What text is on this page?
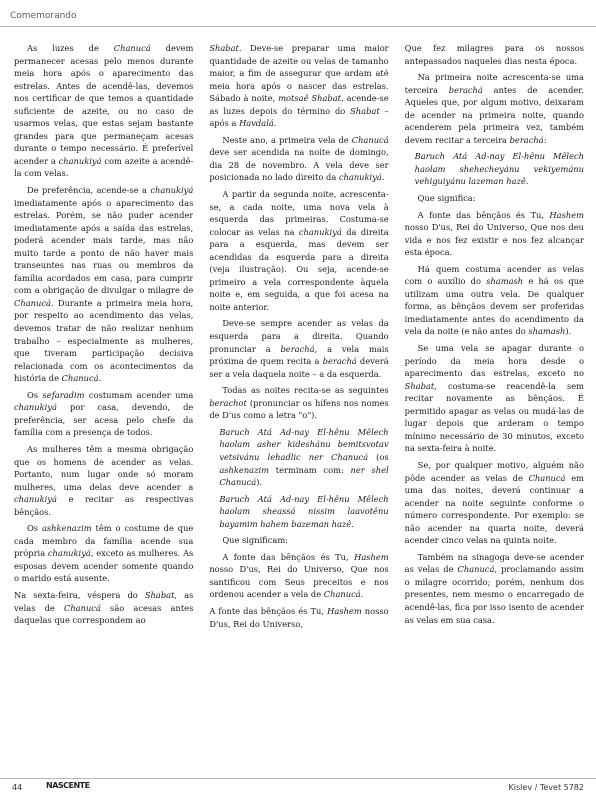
Comemorando

As luzes de Chanucá devem permanecer acesas pelo menos durante meia hora após o aparecimento das estrelas. Antes de acendê-las, devemos nos certificar de que temos a quantidade suficiente de azeite, ou no caso de usarmos velas, que estas sejam bastante grandes para que permaneçam acesas durante o tempo necessário. É preferível acender a chanukiyá com azeite a acendê-la com velas.

De preferência, acende-se a chanukiyá imediatamente após o aparecimento das estrelas. Porém, se não puder acender imediatamente após a saída das estrelas, poderá acender mais tarde, mas não muito tarde a ponto de não haver mais transeuntes nas ruas ou membros da família acordados em casa, para cumprir com a obrigação de divulgar o milagre de Chanucá. Durante a primeira meia hora, por respeito ao acendimento das velas, devemos tratar de não realizar nenhum trabalho – especialmente as mulheres, que tiveram participação decisiva relacionada com os acontecimentos da história de Chanucá.

Os sefaradim costumam acender uma chanukiyá por casa, devendo, de preferência, ser acesa pelo chefe da família com a presença de todos.

As mulheres têm a mesma obrigação que os homens de acender as velas. Portanto, num lugar onde só moram mulheres, uma delas deve acender a chanukiyá e recitar as respectivas bênçãos.

Os ashkenazim têm o costume de que cada membro da família acende sua própria chanukiyá, exceto as mulheres. As esposas devem acender somente quando o marido está ausente.

Na sexta-feira, véspera do Shabat, as velas de Chanucá são acesas antes daquelas que correspondem ao

Shabat. Deve-se preparar uma maior quantidade de azeite ou velas de tamanho maior, a fim de assegurar que ardam até meia hora após o nascer das estrelas. Sábado à noite, motsaê Shabat, acende-se as luzes depois do término do Shabat – após a Havdalá.

Neste ano, a primeira vela de Chanucá deve ser acendida na noite de domingo, dia 28 de novembro. A vela deve ser posicionada no lado direito da chanukiyá.

A partir da segunda noite, acrescenta-se, a cada noite, uma nova vela à esquerda das primeiras. Costuma-se colocar as velas na chanukiyá da direita para a esquerda, mas devem ser acendidas da esquerda para a direita (veja ilustração). Ou seja, acende-se primeiro a vela correspondente àquela noite e, em seguida, a que foi acesa na noite anterior.

Deve-se sempre acender as velas da esquerda para a direita. Quando pronunciar a berachá, a vela mais próxima de quem recita a berachá deverá ser a vela daquela noite – a da esquerda.

Todas as noites recita-se as seguintes berachot (pronunciar os hífens nos nomes de D'us como a letra "o").

Baruch Atá Ad-nay El-hênu Mêlech haolam asher kideshánu bemitsvotav vetsivánu lehadlic ner Chanucá (os ashkenazim terminam com: ner shel Chanucá).

Baruch Atá Ad-nay El-hênu Mêlech haolam sheassá nissim laavotênu bayamim hahem bazeman hazê.

Que significam:

A fonte das bênçãos és Tu, Hashem nosso D'us, Rei do Universo, Que nos santificou com Seus preceitos e nos ordenou acender a vela de Chanucá.

A fonte das bênçãos és Tu, Hashem nosso D'us, Rei do Universo,

Que fez milagres para os nossos antepassados naqueles dias nesta época.

Na primeira noite acrescenta-se uma terceira berachá antes de acender. Aqueles que, por algum motivo, deixaram de acender na primeira noite, quando acenderem pela primeira vez, também devem recitar a terceira berachá:

Baruch Atá Ad-nay El-hênu Mêlech haolam shehecheyánu vekiyemánu vehiguiyánu lazeman hazê.

Que significa:

A fonte das bênçãos és Tu, Hashem nosso D'us, Rei do Universo, Que nos deu vida e nos fez existir e nos fez alcançar esta época.

Há quem costuma acender as velas com o auxílio do shamash e há os que utilizam uma outra vela. De qualquer forma, as bênçãos devem ser proferidas imediatamente antes do acendimento da vela da noite (e não antes do shamash).

Se uma vela se apagar durante o período da meia hora desde o aparecimento das estrelas, exceto no Shabat, costuma-se reacendê-la sem recitar novamente as bênçãos. É permitido apagar as velas ou mudá-las de lugar depois que arderam o tempo mínimo necessário de 30 minutos, exceto na sexta-feira à noite.

Se, por qualquer motivo, alguém não pôde acender as velas de Chanucá em uma das noites, deverá continuar a acender na noite seguinte conforme o número correspondente. Por exemplo: se não acender na quarta noite, deverá acender cinco velas na quinta noite.

Também na sinagoga deve-se acender as velas de Chanucá, proclamando assim o milagre ocorrido; porém, nenhum dos presentes, nem mesmo o encarregado de acendê-las, fica por isso isento de acender as velas em sua casa.

44	NASCENTE	Kislev / Tevet 5782
